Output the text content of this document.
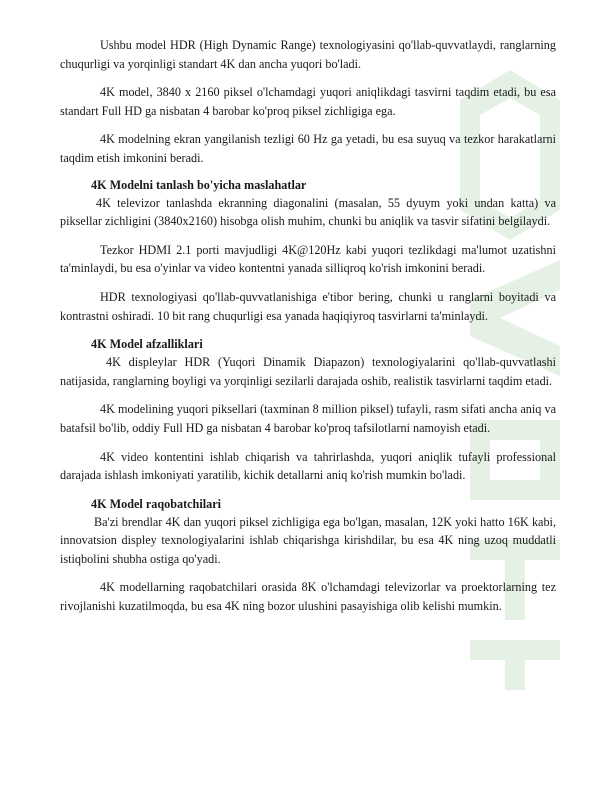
Ushbu model HDR (High Dynamic Range) texnologiyasini qo'llab-quvvatlaydi, ranglarning chuqurligi va yorqinligi standart 4K dan ancha yuqori bo'ladi.

4K model, 3840 x 2160 piksel o'lchamdagi yuqori aniqlikdagi tasvirni taqdim etadi, bu esa standart Full HD ga nisbatan 4 barobar ko'proq piksel zichligiga ega.

4K modelning ekran yangilanish tezligi 60 Hz ga yetadi, bu esa suyuq va tezkor harakatlarni taqdim etish imkonini beradi.

4K Modelni tanlash bo'yicha maslahatlar

4K televizor tanlashda ekranning diagonalini (masalan, 55 dyuym yoki undan katta) va piksellar zichligini (3840x2160) hisobga olish muhim, chunki bu aniqlik va tasvir sifatini belgilaydi.

Tezkor HDMI 2.1 porti mavjudligi 4K@120Hz kabi yuqori tezlikdagi ma'lumot uzatishni ta'minlaydi, bu esa o'yinlar va video kontentni yanada silliqroq ko'rish imkonini beradi.

HDR texnologiyasi qo'llab-quvvatlanishiga e'tibor bering, chunki u ranglarni boyitadi va kontrastni oshiradi. 10 bit rang chuqurligi esa yanada haqiqiyroq tasvirlarni ta'minlaydi.

4K Model afzalliklari

4K displeylar HDR (Yuqori Dinamik Diapazon) texnologiyalarini qo'llab-quvvatlashi natijasida, ranglarning boyligi va yorqinligi sezilarli darajada oshib, realistik tasvirlarni taqdim etadi.

4K modelining yuqori piksellari (taxminan 8 million piksel) tufayli, rasm sifati ancha aniq va batafsil bo'lib, oddiy Full HD ga nisbatan 4 barobar ko'proq tafsilotlarni namoyish etadi.

4K video kontentini ishlab chiqarish va tahrirlashda, yuqori aniqlik tufayli professional darajada ishlash imkoniyati yaratilib, kichik detallarni aniq ko'rish mumkin bo'ladi.

4K Model raqobatchilari

Ba'zi brendlar 4K dan yuqori piksel zichligiga ega bo'lgan, masalan, 12K yoki hatto 16K kabi, innovatsion displey texnologiyalarini ishlab chiqarishga kirishdilar, bu esa 4K ning uzoq muddatli istiqbolini shubha ostiga qo'yadi.

4K modellarning raqobatchilari orasida 8K o'lchamdagi televizorlar va proektorlarning tez rivojlanishi kuzatilmoqda, bu esa 4K ning bozor ulushini pasayishiga olib kelishi mumkin.
